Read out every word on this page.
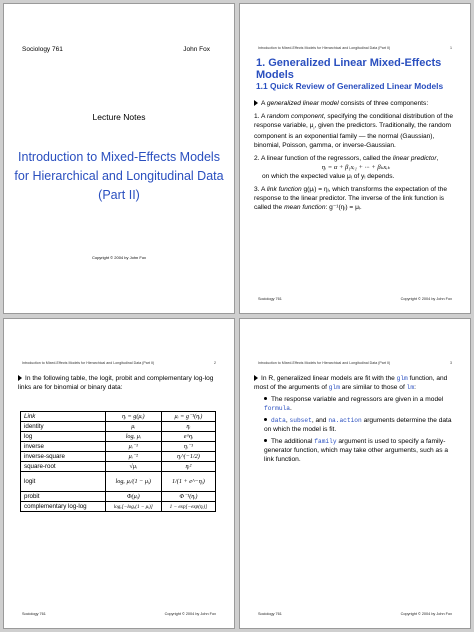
Sociology 761	John Fox
Lecture Notes
Introduction to Mixed-Effects Models
for Hierarchical and Longitudinal Data
(Part II)
Copyright © 2004 by John Fox
Introduction to Mixed-Effects Models for Hierarchical and Longitudinal Data (Part II)	1
1. Generalized Linear Mixed-Effects Models
1.1 Quick Review of Generalized Linear Models
A generalized linear model consists of three components:
1. A random component, specifying the conditional distribution of the response variable, $\mu_i$, given the predictors. Traditionally, the random component is an exponential family — the normal (Gaussian), binomial, Poisson, gamma, or inverse-Gaussian.
2. A linear function of the regressors, called the linear predictor,
ηᵢ = α + β₁xᵢ₁ + ··· + βₖxᵢₖ
on which the expected value μᵢ of yᵢ depends.
3. A link function g(μᵢ) = ηᵢ, which transforms the expectation of the response to the linear predictor. The inverse of the link function is called the mean function: g⁻¹(ηᵢ) = μᵢ.
Sociology 761	Copyright © 2004 by John Fox
Introduction to Mixed-Effects Models for Hierarchical and Longitudinal Data (Part II)	2
In the following table, the logit, probit and complementary log-log links are for binomial or binary data:
Link	ηᵢ = g(μᵢ)	μᵢ = g⁻¹(ηᵢ)
identity	μᵢ	ηᵢ
log	logₑ μᵢ	e^ηᵢ
inverse	μᵢ⁻¹	ηᵢ⁻¹
inverse-square	μᵢ⁻²	ηᵢ^(−1/2)
square-root	√μᵢ	ηᵢ²
logit	logₑ μᵢ/(1 − μᵢ)	1/(1 + e^−ηᵢ)
probit	Φ(μᵢ)	Φ⁻¹(ηᵢ)
complementary log-log	logₑ[−logₑ(1 − μᵢ)]	1 − exp[−exp(ηᵢ)]
Sociology 761	Copyright © 2004 by John Fox
Introduction to Mixed-Effects Models for Hierarchical and Longitudinal Data (Part II)	3
In R, generalized linear models are fit with the glm function, and most of the arguments of glm are similar to those of lm:
The response variable and regressors are given in a model formula.
data, subset, and na.action arguments determine the data on which the model is fit.
The additional family argument is used to specify a family-generator function, which may take other arguments, such as a link function.
Sociology 761	Copyright © 2004 by John Fox
